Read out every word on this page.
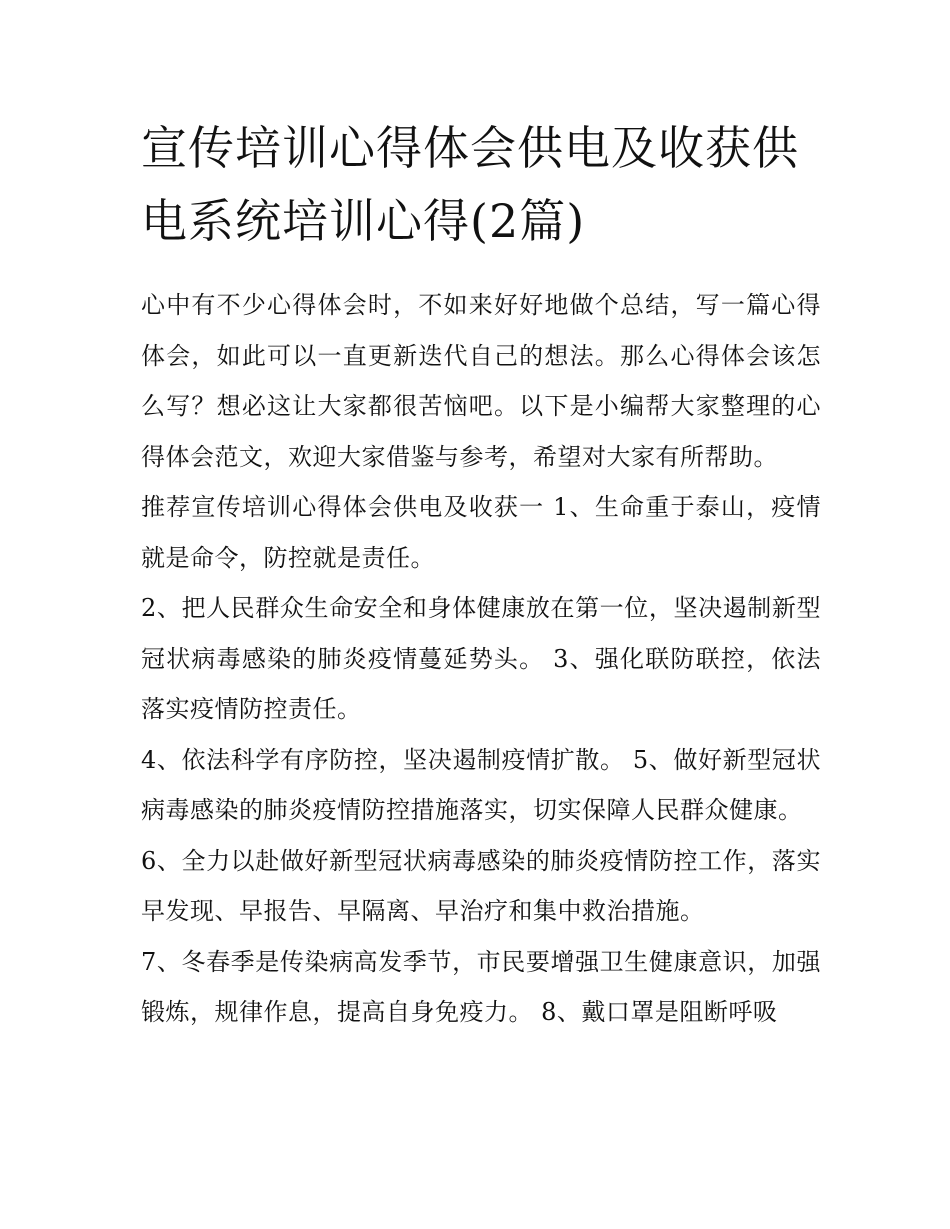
宣传培训心得体会供电及收获供电系统培训心得(2篇)

心中有不少心得体会时，不如来好好地做个总结，写一篇心得体会，如此可以一直更新迭代自己的想法。那么心得体会该怎么写？想必这让大家都很苦恼吧。以下是小编帮大家整理的心得体会范文，欢迎大家借鉴与参考，希望对大家有所帮助。

推荐宣传培训心得体会供电及收获一 1、生命重于泰山，疫情就是命令，防控就是责任。

2、把人民群众生命安全和身体健康放在第一位，坚决遏制新型冠状病毒感染的肺炎疫情蔓延势头。 3、强化联防联控，依法落实疫情防控责任。

4、依法科学有序防控，坚决遏制疫情扩散。 5、做好新型冠状病毒感染的肺炎疫情防控措施落实，切实保障人民群众健康。

6、全力以赴做好新型冠状病毒感染的肺炎疫情防控工作，落实早发现、早报告、早隔离、早治疗和集中救治措施。

7、冬春季是传染病高发季节，市民要增强卫生健康意识，加强锻炼，规律作息，提高自身免疫力。 8、戴口罩是阻断呼吸
